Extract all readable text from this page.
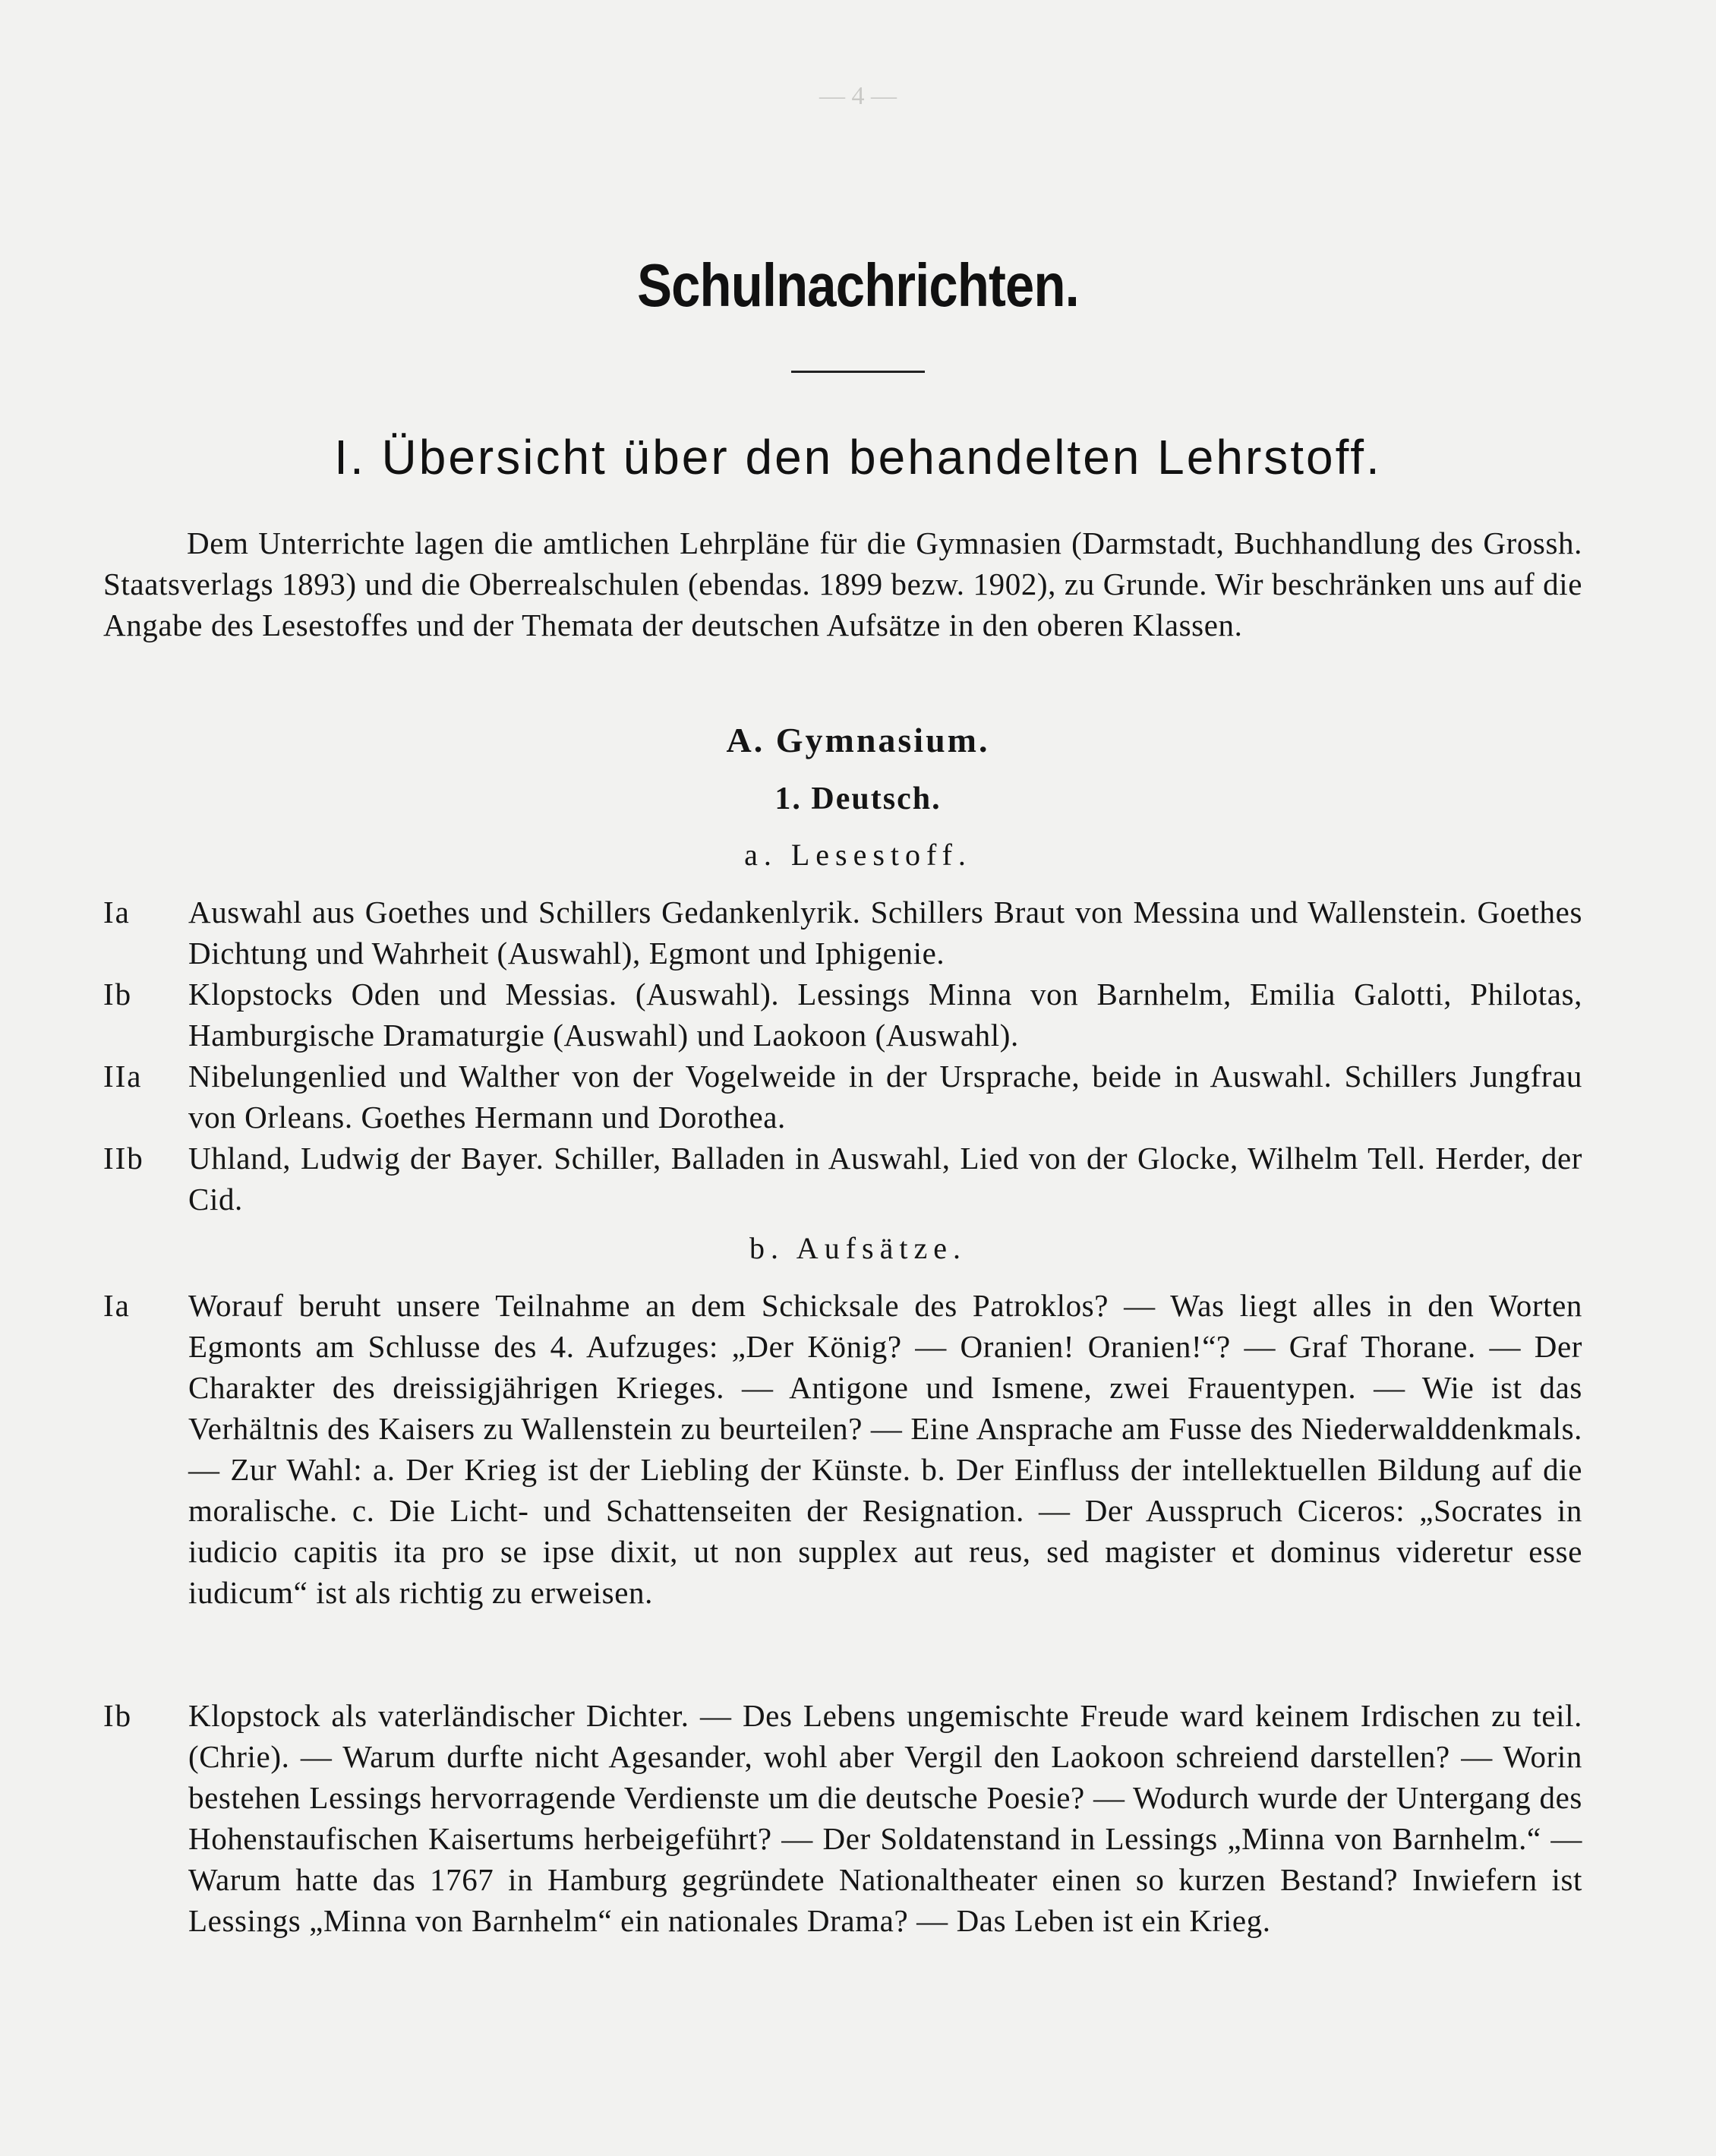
— 4 —
Schulnachrichten.
I. Übersicht über den behandelten Lehrstoff.
Dem Unterrichte lagen die amtlichen Lehrpläne für die Gymnasien (Darmstadt, Buchhandlung des Grossh. Staatsverlags 1893) und die Oberrealschulen (ebendas. 1899 bezw. 1902), zu Grunde. Wir beschränken uns auf die Angabe des Lesestoffes und der Themata der deutschen Aufsätze in den oberen Klassen.
A. Gymnasium.
1. Deutsch.
a. Lesestoff.
Ia	Auswahl aus Goethes und Schillers Gedankenlyrik. Schillers Braut von Messina und Wallenstein. Goethes Dichtung und Wahrheit (Auswahl), Egmont und Iphigenie.
Ib	Klopstocks Oden und Messias. (Auswahl). Lessings Minna von Barnhelm, Emilia Galotti, Philotas, Hamburgische Dramaturgie (Auswahl) und Laokoon (Auswahl).
IIa	Nibelungenlied und Walther von der Vogelweide in der Ursprache, beide in Auswahl. Schillers Jungfrau von Orleans. Goethes Hermann und Dorothea.
IIb	Uhland, Ludwig der Bayer. Schiller, Balladen in Auswahl, Lied von der Glocke, Wilhelm Tell. Herder, der Cid.
b. Aufsätze.
Ia	Worauf beruht unsere Teilnahme an dem Schicksale des Patroklos? — Was liegt alles in den Worten Egmonts am Schlusse des 4. Aufzuges: „Der König? — Oranien! Oranien!“? — Graf Thorane. — Der Charakter des dreissigjährigen Krieges. — Antigone und Ismene, zwei Frauentypen. — Wie ist das Verhältnis des Kaisers zu Wallenstein zu beurteilen? — Eine Ansprache am Fusse des Niederwalddenkmals. — Zur Wahl: a. Der Krieg ist der Liebling der Künste. b. Der Einfluss der intellektuellen Bildung auf die moralische. c. Die Licht- und Schattenseiten der Resignation. — Der Ausspruch Ciceros: „Socrates in iudicio capitis ita pro se ipse dixit, ut non supplex aut reus, sed magister et dominus videretur esse iudicum“ ist als richtig zu erweisen.
Ib	Klopstock als vaterländischer Dichter. — Des Lebens ungemischte Freude ward keinem Irdischen zu teil. (Chrie). — Warum durfte nicht Agesander, wohl aber Vergil den Laokoon schreiend darstellen? — Worin bestehen Lessings hervorragende Verdienste um die deutsche Poesie? — Wodurch wurde der Untergang des Hohenstaufischen Kaisertums herbeigeführt? — Der Soldatenstand in Lessings „Minna von Barnhelm.“ — Warum hatte das 1767 in Hamburg gegründete Nationaltheater einen so kurzen Bestand? Inwiefern ist Lessings „Minna von Barnhelm“ ein nationales Drama? — Das Leben ist ein Krieg.
